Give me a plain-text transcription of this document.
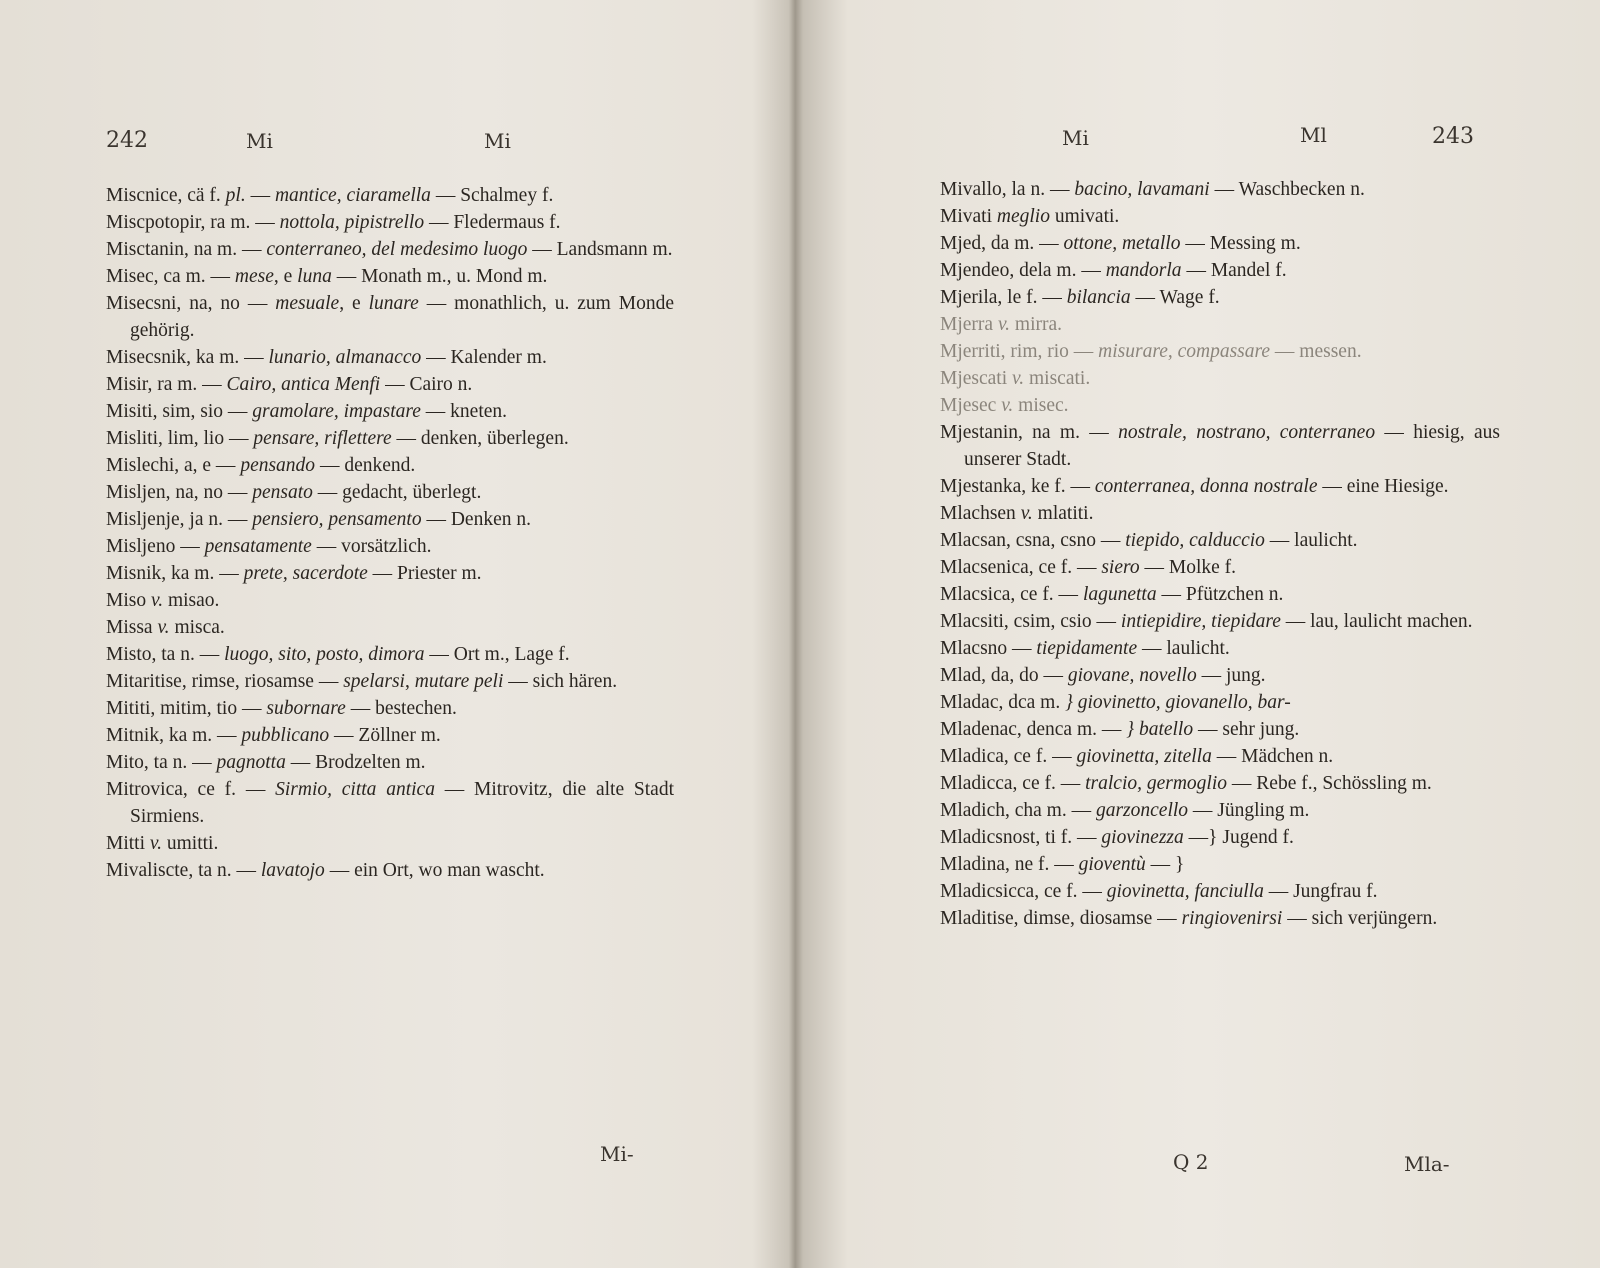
242	Mi	Mi

Miscnice, cä f. pl. — mantice, ciaramella — Schalmey f.

Miscpotopir, ra m. — nottola, pipistrello — Fledermaus f.

Misctanin, na m. — conterraneo, del medesimo luogo — Landsmann m.

Misec, ca m. — mese, e luna — Monath m., u. Mond m.

Misecsni, na, no — mesuale, e lunare — monathlich, u. zum Monde gehörig.

Misecsnik, ka m. — lunario, almanacco — Kalender m.

Misir, ra m. — Cairo, antica Menfi — Cairo n.

Misiti, sim, sio — gramolare, impastare — kneten.

Misliti, lim, lio — pensare, riflettere — denken, überlegen.

Mislechi, a, e — pensando — denkend.

Misljen, na, no — pensato — gedacht, überlegt.

Misljenje, ja n. — pensiero, pensamento — Denken n.

Misljeno — pensatamente — vorsätzlich.

Misnik, ka m. — prete, sacerdote — Priester m.

Miso v. misao.

Missa v. misca.

Misto, ta n. — luogo, sito, posto, dimora — Ort m., Lage f.

Mitaritise, rimse, riosamse — spelarsi, mutare peli — sich hären.

Mititi, mitim, tio — subornare — bestechen.

Mitnik, ka m. — pubblicano — Zöllner m.

Mito, ta n. — pagnotta — Brodzelten m.

Mitrovica, ce f. — Sirmio, citta antica — Mitrovitz, die alte Stadt Sirmiens.

Mitti v. umitti.

Mivaliscte, ta n. — lavatojo — ein Ort, wo man wascht.

Mi-
Mi	Ml	243

Mivallo, la n. — bacino, lavamani — Waschbecken n.

Mivati meglio umivati.

Mjed, da m. — ottone, metallo — Messing m.

Mjendeo, dela m. — mandorla — Mandel f.

Mjerila, le f. — bilancia — Wage f.

Mjerra v. mirra.

Mjerriti, rim, rio — misurare, compassare — messen.

Mjescati v. miscati.

Mjesec v. misec.

Mjestanin, na m. — nostrale, nostrano, conterraneo — hiesig, aus unserer Stadt.

Mjestanka, ke f. — conterranea, donna nostrale — eine Hiesige.

Mlachsen v. mlatiti.

Mlacsan, csna, csno — tiepido, calduccio — laulicht.

Mlacsenica, ce f. — siero — Molke f.

Mlacsica, ce f. — lagunetta — Pfützchen n.

Mlacsiti, csim, csio — intiepidire, tiepidare — lau, laulicht machen.

Mlacsno — tiepidamente — laulicht.

Mlad, da, do — giovane, novello — jung.

Mladac, dca m. } giovinetto, giovanello, bar-

Mladenac, denca m. — } batello — sehr jung.

Mladica, ce f. — giovinetta, zitella — Mädchen n.

Mladicca, ce f. — tralcio, germoglio — Rebe f., Schössling m.

Mladich, cha m. — garzoncello — Jüngling m.

Mladicsnost, ti f. — giovinezza —} Jugend f.

Mladina, ne f. — gioventù — }

Mladicsicca, ce f. — giovinetta, fanciulla — Jungfrau f.

Mladitise, dimse, diosamse — ringiovenirsi — sich verjüngern.

Q 2	Mla-
